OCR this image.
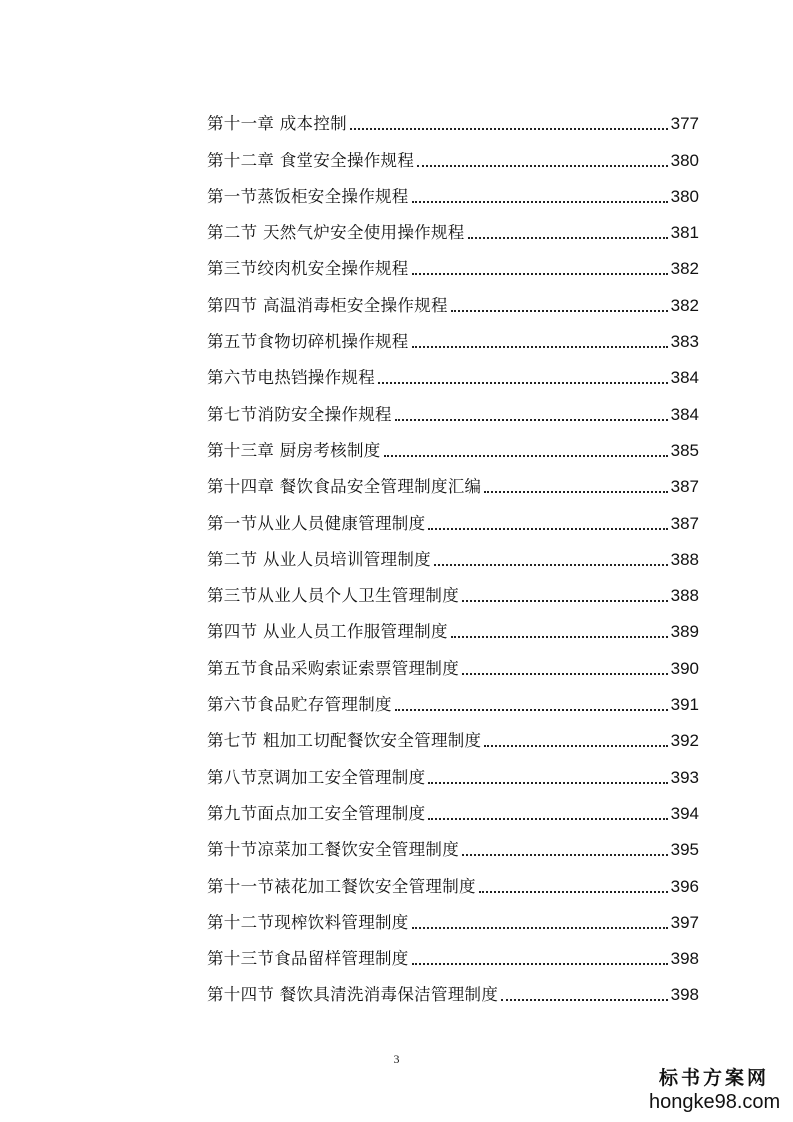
第十一章 成本控制	377
第十二章 食堂安全操作规程	380
第一节蒸饭柜安全操作规程	380
第二节 天然气炉安全使用操作规程	381
第三节绞肉机安全操作规程	382
第四节 高温消毒柜安全操作规程	382
第五节食物切碎机操作规程	383
第六节电热铛操作规程	384
第七节消防安全操作规程	384
第十三章 厨房考核制度	385
第十四章 餐饮食品安全管理制度汇编	387
第一节从业人员健康管理制度	387
第二节 从业人员培训管理制度	388
第三节从业人员个人卫生管理制度	388
第四节 从业人员工作服管理制度	389
第五节食品采购索证索票管理制度	390
第六节食品贮存管理制度	391
第七节 粗加工切配餐饮安全管理制度	392
第八节烹调加工安全管理制度	393
第九节面点加工安全管理制度	394
第十节凉菜加工餐饮安全管理制度	395
第十一节裱花加工餐饮安全管理制度	396
第十二节现榨饮料管理制度	397
第十三节食品留样管理制度	398
第十四节 餐饮具清洗消毒保洁管理制度	398
3
标书方案网
hongke98.com
